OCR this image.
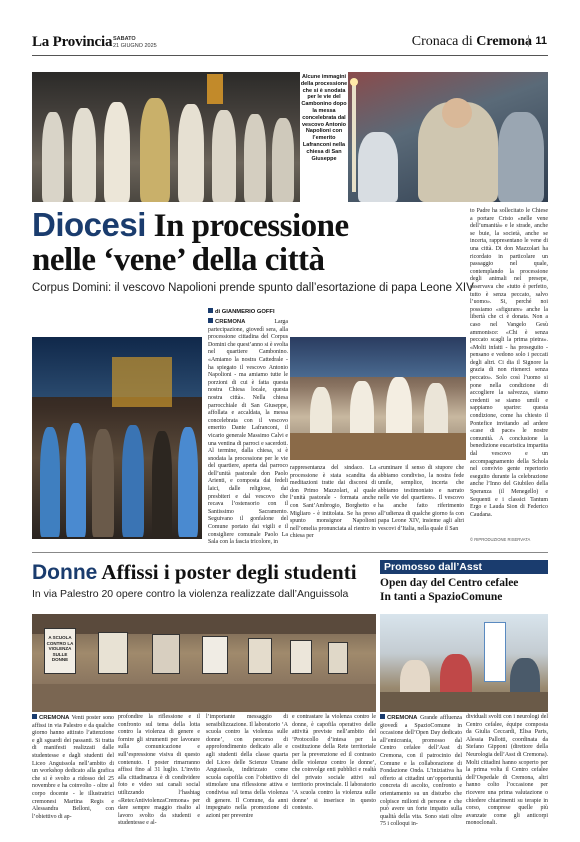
La Provincia SABATO
21 GIUGNO 2025	Cronaca di Cremona 11
Alcune immagini della processione che si è snodata per le vie del Cambonino dopo la messa concelebrata dal vescovo Antonio Napolioni con l’emerito Lafranconi nella chiesa di San Giuseppe
Diocesi In processione
nelle ‘vene’ della città
Corpus Domini: il vescovo Napolioni prende spunto dall’esortazione di papa Leone XIV
di GIANMERIO GOFFI
CREMONA Larga partecipazione, giovedì sera, alla processione cittadina del Corpus Domini che quest’anno si è svolta nel quartiere Cambonino. «Amiamo la nostra Cattedrale - ha spiegato il vescovo Antonio Napolioni - ma amiamo tutte le porzioni di cui è fatta questa nostra Chiesa locale, questa nostra città». Nella chiesa parrocchiale di San Giuseppe, affollata e accaldata, la messa concelebrata con il vescovo emerito Dante Lafranconi, il vicario generale Massimo Calvi e una ventina di parroci e sacerdoti. Al termine, dalla chiesa, si è snodata la processione per le vie del quartiere, aperta dal parroco dell’unità pastorale don Paolo Arienti, e composta dai fedeli laici, dalle religiose, dai presbiteri e dal vescovo che recava l’ostensorio con il Santissimo Sacramento. Seguivano il gonfalone del Comune portato dai vigili e il consigliere comunale Paolo La Sala con la fascia tricolore, in
rappresentanza del sindaco. La processione è stata scandita da meditazioni tratte dai discorsi di don Primo Mazzolari, al quale l’unità pastorale - formata anche con Sant’Ambrogio, Borghetto e Migliaro - è intitolata. Se ha preso spunto monsignor Napolioni nell’omelia pronunciata al rientro in chiesa per
«ruminare il senso di stupore che abbiamo condiviso, la nostra fede umile, semplice, incerta che abbiamo testimoniato e narrato nelle vie del quartiere». Il vescovo ha anche fatto riferimento all’udienza di qualche giorno fa con papa Leone XIV, insieme agli altri vescovi d’Italia, nella quale il San
to Padre ha sollecitato le Chiese a portare Cristo «nelle vene dell’umanità» e le strade, anche se buie, la società, anche se incerta, rappresentano le vene di una città. Di don Mazzolari ha ricordato in particolare un passaggio nel quale, contemplando la processione degli animali nel presepe, osservava che «tutto è perfetto, tutto è senza peccato, salvo l’uomo». Si, perché noi possiamo «sfigurare» anche la libertà che ci è donata. Non a caso nel Vangelo Gesù ammonisce: «Chi è senza peccato scagli la prima pietra». «Molti infatti - ha proseguito - pensano e vedono solo i peccati degli altri. Ci dia il Signore la grazia di non ritenerci senza peccato». Solo così l’uomo si pone nella condizione di accogliere la salvezza, siamo credenti se siamo umili e sappiamo sparire: questa condizione, come ha chiesto il Pontefice invitando ad ardere «case di pace» le nostre comunità. A conclusione la benedizione eucaristica impartita dal vescovo e un accompagnamento della Schola nel convivio gente repertorio eseguito durante la celebrazione anche l’Inno del Giubileo della Speranza (il Menegello) e Sequenti e i classici Tantum Ergo e Lauda Sion di Federico Caudana.
© RIPRODUZIONE RISERVATA
Donne Affissi i poster degli studenti
In via Palestro 20 opere contro la violenza realizzate dall’Anguissola
A SCUOLA CONTRO LA VIOLENZA SULLE DONNE
CREMONA Venti poster sono affissi in via Palestro e da qualche giorno hanno attirato l’attenzione e gli sguardi dei passanti. Si tratta di manifesti realizzati dalle studentesse e dagli studenti del Liceo Anguissola nell’ambito di un workshop dedicato alla grafica che si è svolto a ridosso del 25 novembre e ha coinvolto - oltre al corpo docente - le illustratrici cremonesi Martina Regis e Alessandra Belloni, con l’obiettivo di ap-
profondire la riflessione e il confronto sul tema della lotta contro la violenza di genere e fornire gli strumenti per lavorare sulla comunicazione e sull’espressione visiva di questo contenuto. I poster rimarranno affissi fino al 31 luglio. L’invito alla cittadinanza è di condividere foto e video sui canali social utilizzando l’hashtag «RetecAntiviolenzaCremona» per dare sempre maggio risalto al lavoro svolto da studenti e studentesse e al-
l’importante messaggio di sensibilizzazione. Il laboratorio ‘A scuola contro la violenza sulle donne’, con percorso di approfondimento dedicato alle e agli studenti della classe quarta del Liceo delle Scienze Umane Anguissola, indirizzato come scuola capofila con l’obiettivo di stimolare una riflessione attiva e condivisa sul tema della violenza di genere. Il Comune, da anni impegnato nella promozione di azioni per prevenire
e contrastare la violenza contro le donne, è capofila operativo delle attività previste nell’ambito del ‘Protocollo d’intesa per la costituzione della Rete territoriale per la prevenzione ed il contrasto delle violenze contro le donne’, che coinvolge enti pubblici e realtà del privato sociale attivi sul territorio provinciale. Il laboratorio ‘A scuola contro la violenza sulle donne’ si inserisce in questo contesto.
Promosso dall’Asst
Open day del Centro cefalee
In tanti a SpazioComune
CREMONA Grande affluenza giovedì a SpazioComune in occasione dell’Open Day dedicato all’emicrania, promosso dal Centro cefalee dell’Asst di Cremona, con il patrocinio del Comune e la collaborazione di Fondazione Onda. L’iniziativa ha offerto ai cittadini un’opportunità concreta di ascolto, confronto e orientamento su un disturbo che colpisce milioni di persone e che può avere un forte impatto sulla qualità della vita. Sono stati oltre 75 i colloqui in-
dividuali svolti con i neurologi del Centro cefalee, équipe composta da Giulia Ceccardi, Elisa Paris, Alessia Pallotti, coordinata da Stefano Gipponi (direttore della Neurologia dell’Asst di Cremona). Molti cittadini hanno scoperto per la prima volta il Centro cefalee dell’Ospedale di Cremona, altri hanno colto l’occasione per ricevere una prima valutazione o chiedere chiarimenti su terapie in corso, comprese quelle più avanzate come gli anticorpi monoclonali.
